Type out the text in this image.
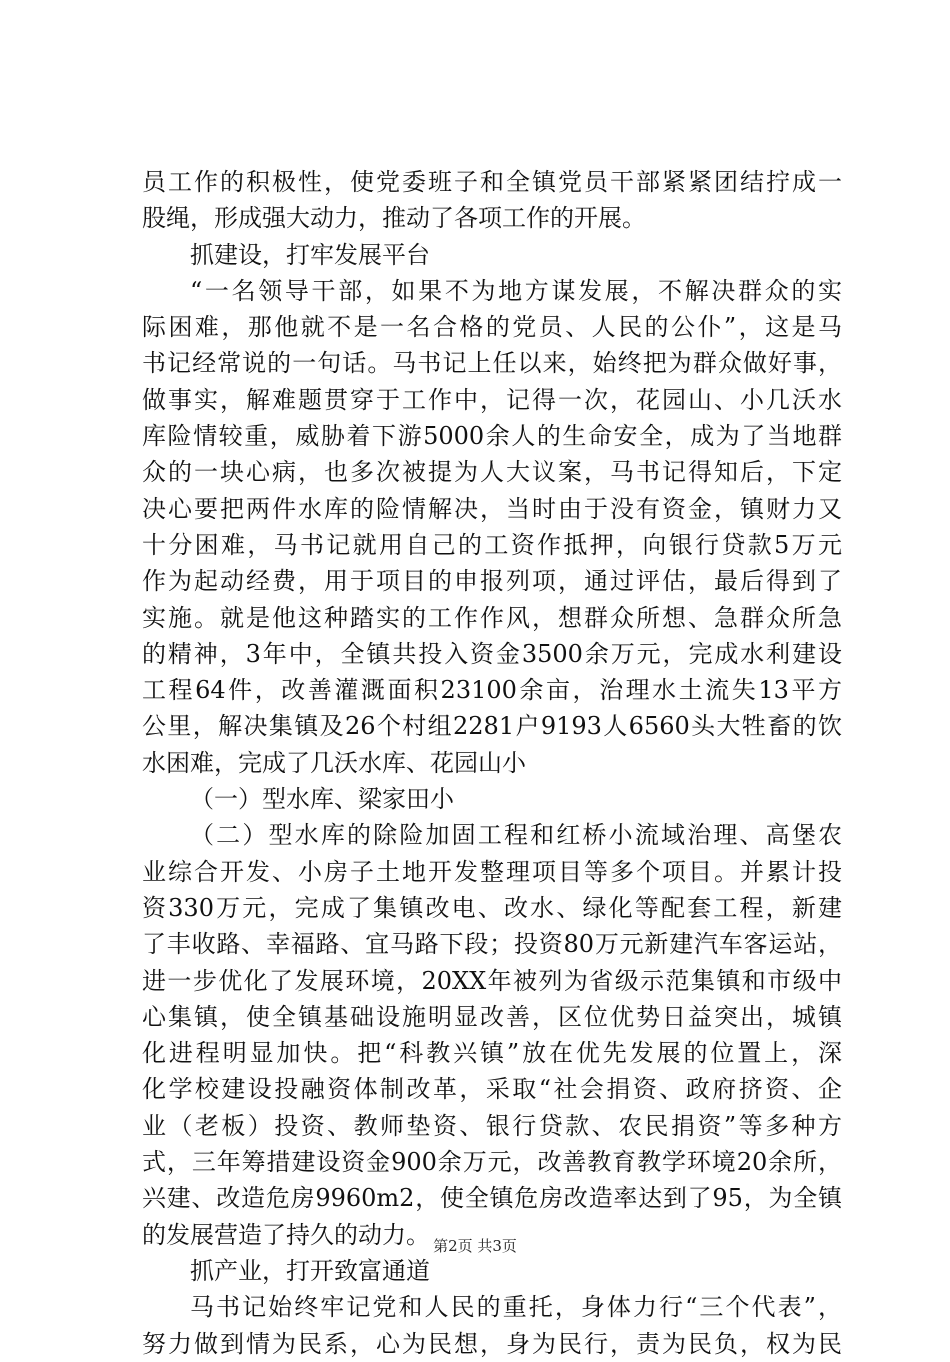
员工作的积极性，使党委班子和全镇党员干部紧紧团结拧成一
股绳，形成强大动力，推动了各项工作的开展。
抓建设，打牢发展平台
“一名领导干部，如果不为地方谋发展，不解决群众的实
际困难，那他就不是一名合格的党员、人民的公仆”，这是马
书记经常说的一句话。马书记上任以来，始终把为群众做好事，
做事实，解难题贯穿于工作中，记得一次，花园山、小几沃水
库险情较重，威胁着下游5000余人的生命安全，成为了当地群
众的一块心病，也多次被提为人大议案，马书记得知后，下定
决心要把两件水库的险情解决，当时由于没有资金，镇财力又
十分困难，马书记就用自己的工资作抵押，向银行贷款5万元
作为起动经费，用于项目的申报列项，通过评估，最后得到了
实施。就是他这种踏实的工作作风，想群众所想、急群众所急
的精神，3年中，全镇共投入资金3500余万元，完成水利建设
工程64件，改善灌溉面积23100余亩，治理水土流失13平方
公里，解决集镇及26个村组2281户9193人6560头大牲畜的饮
水困难，完成了几沃水库、花园山小
（一）型水库、梁家田小
（二）型水库的除险加固工程和红桥小流域治理、高堡农
业综合开发、小房子土地开发整理项目等多个项目。并累计投
资330万元，完成了集镇改电、改水、绿化等配套工程，新建
了丰收路、幸福路、宜马路下段；投资80万元新建汽车客运站，
进一步优化了发展环境，20XX年被列为省级示范集镇和市级中
心集镇，使全镇基础设施明显改善，区位优势日益突出，城镇
化进程明显加快。把“科教兴镇”放在优先发展的位置上，深
化学校建设投融资体制改革，采取“社会捐资、政府挤资、企
业（老板）投资、教师垫资、银行贷款、农民捐资”等多种方
式，三年筹措建设资金900余万元，改善教育教学环境20余所，
兴建、改造危房9960m2，使全镇危房改造率达到了95，为全镇
的发展营造了持久的动力。
抓产业，打开致富通道
马书记始终牢记党和人民的重托，身体力行“三个代表”，
努力做到情为民系，心为民想，身为民行，责为民负，权为民
第2页 共3页
